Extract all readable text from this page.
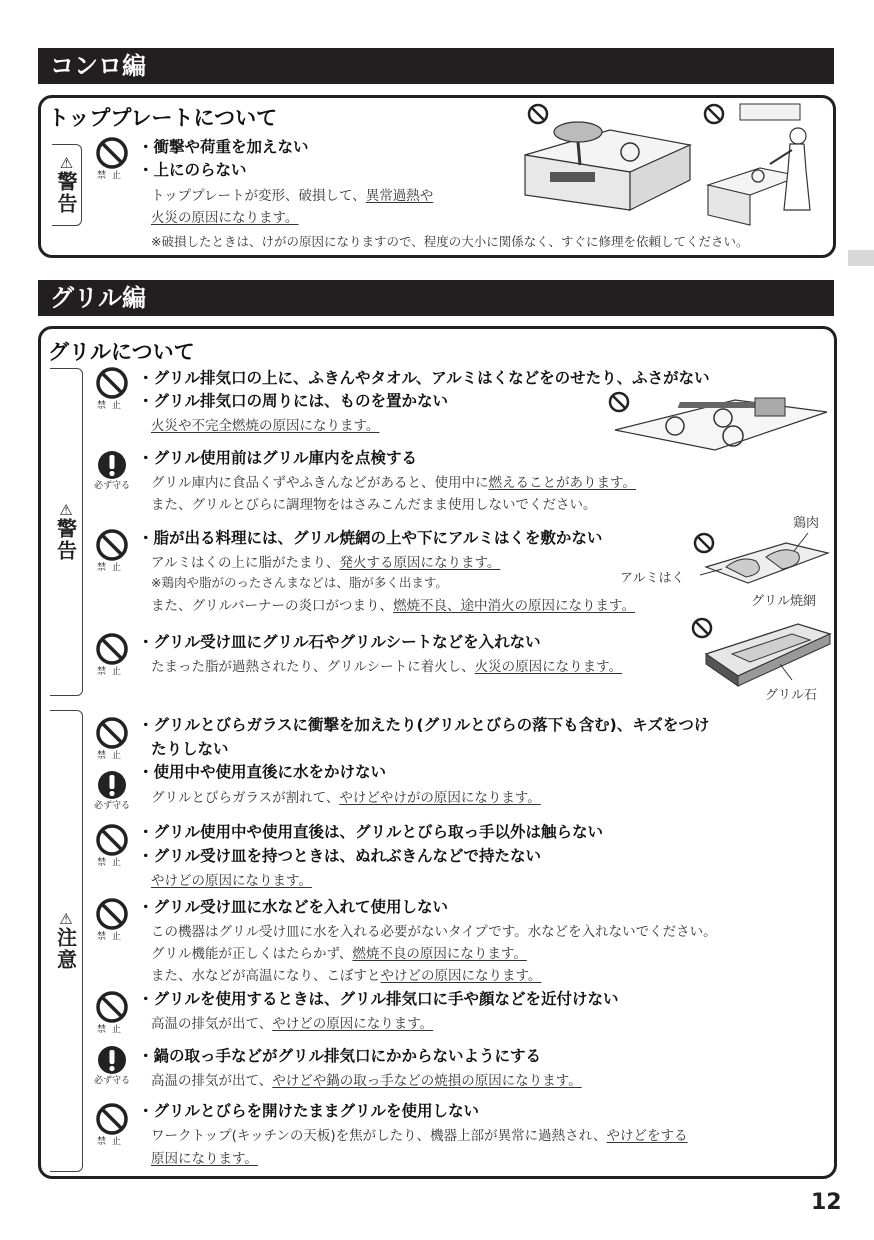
コンロ編
トッププレートについて
⚠
警告	禁止
・衝撃や荷重を加えない
・上にのらない
トッププレートが変形、破損して、異常過熱や
火災の原因になります。
※破損したときは、けがの原因になりますので、程度の大小に関係なく、すぐに修理を依頼してください。
グリル編
グリルについて
⚠
警告
⚠
注意
禁止
・グリル排気口の上に、ふきんやタオル、アルミはくなどをのせたり、ふさがない
・グリル排気口の周りには、ものを置かない
火災や不完全燃焼の原因になります。
必ず守る
・グリル使用前はグリル庫内を点検する
グリル庫内に食品くずやふきんなどがあると、使用中に燃えることがあります。
また、グリルとびらに調理物をはさみこんだまま使用しないでください。
禁止
・脂が出る料理には、グリル焼網の上や下にアルミはくを敷かない
アルミはくの上に脂がたまり、発火する原因になります。
※鶏肉や脂がのったさんまなどは、脂が多く出ます。
また、グリルバーナーの炎口がつまり、燃焼不良、途中消火の原因になります。
鶏肉
アルミはく
グリル焼網
禁止
・グリル受け皿にグリル石やグリルシートなどを入れない
たまった脂が過熱されたり、グリルシートに着火し、火災の原因になります。
グリル石
禁止
・グリルとびらガラスに衝撃を加えたり(グリルとびらの落下も含む)、キズをつけ
たりしない
必ず守る
・使用中や使用直後に水をかけない
グリルとびらガラスが割れて、やけどやけがの原因になります。
禁止
・グリル使用中や使用直後は、グリルとびら取っ手以外は触らない
・グリル受け皿を持つときは、ぬれぶきんなどで持たない
やけどの原因になります。
禁止
・グリル受け皿に水などを入れて使用しない
この機器はグリル受け皿に水を入れる必要がないタイプです。水などを入れないでください。
グリル機能が正しくはたらかず、燃焼不良の原因になります。
また、水などが高温になり、こぼすとやけどの原因になります。
禁止
・グリルを使用するときは、グリル排気口に手や顔などを近付けない
高温の排気が出て、やけどの原因になります。
必ず守る
・鍋の取っ手などがグリル排気口にかからないようにする
高温の排気が出て、やけどや鍋の取っ手などの焼損の原因になります。
禁止
・グリルとびらを開けたままグリルを使用しない
ワークトップ(キッチンの天板)を焦がしたり、機器上部が異常に過熱され、やけどをする
原因になります。
12
